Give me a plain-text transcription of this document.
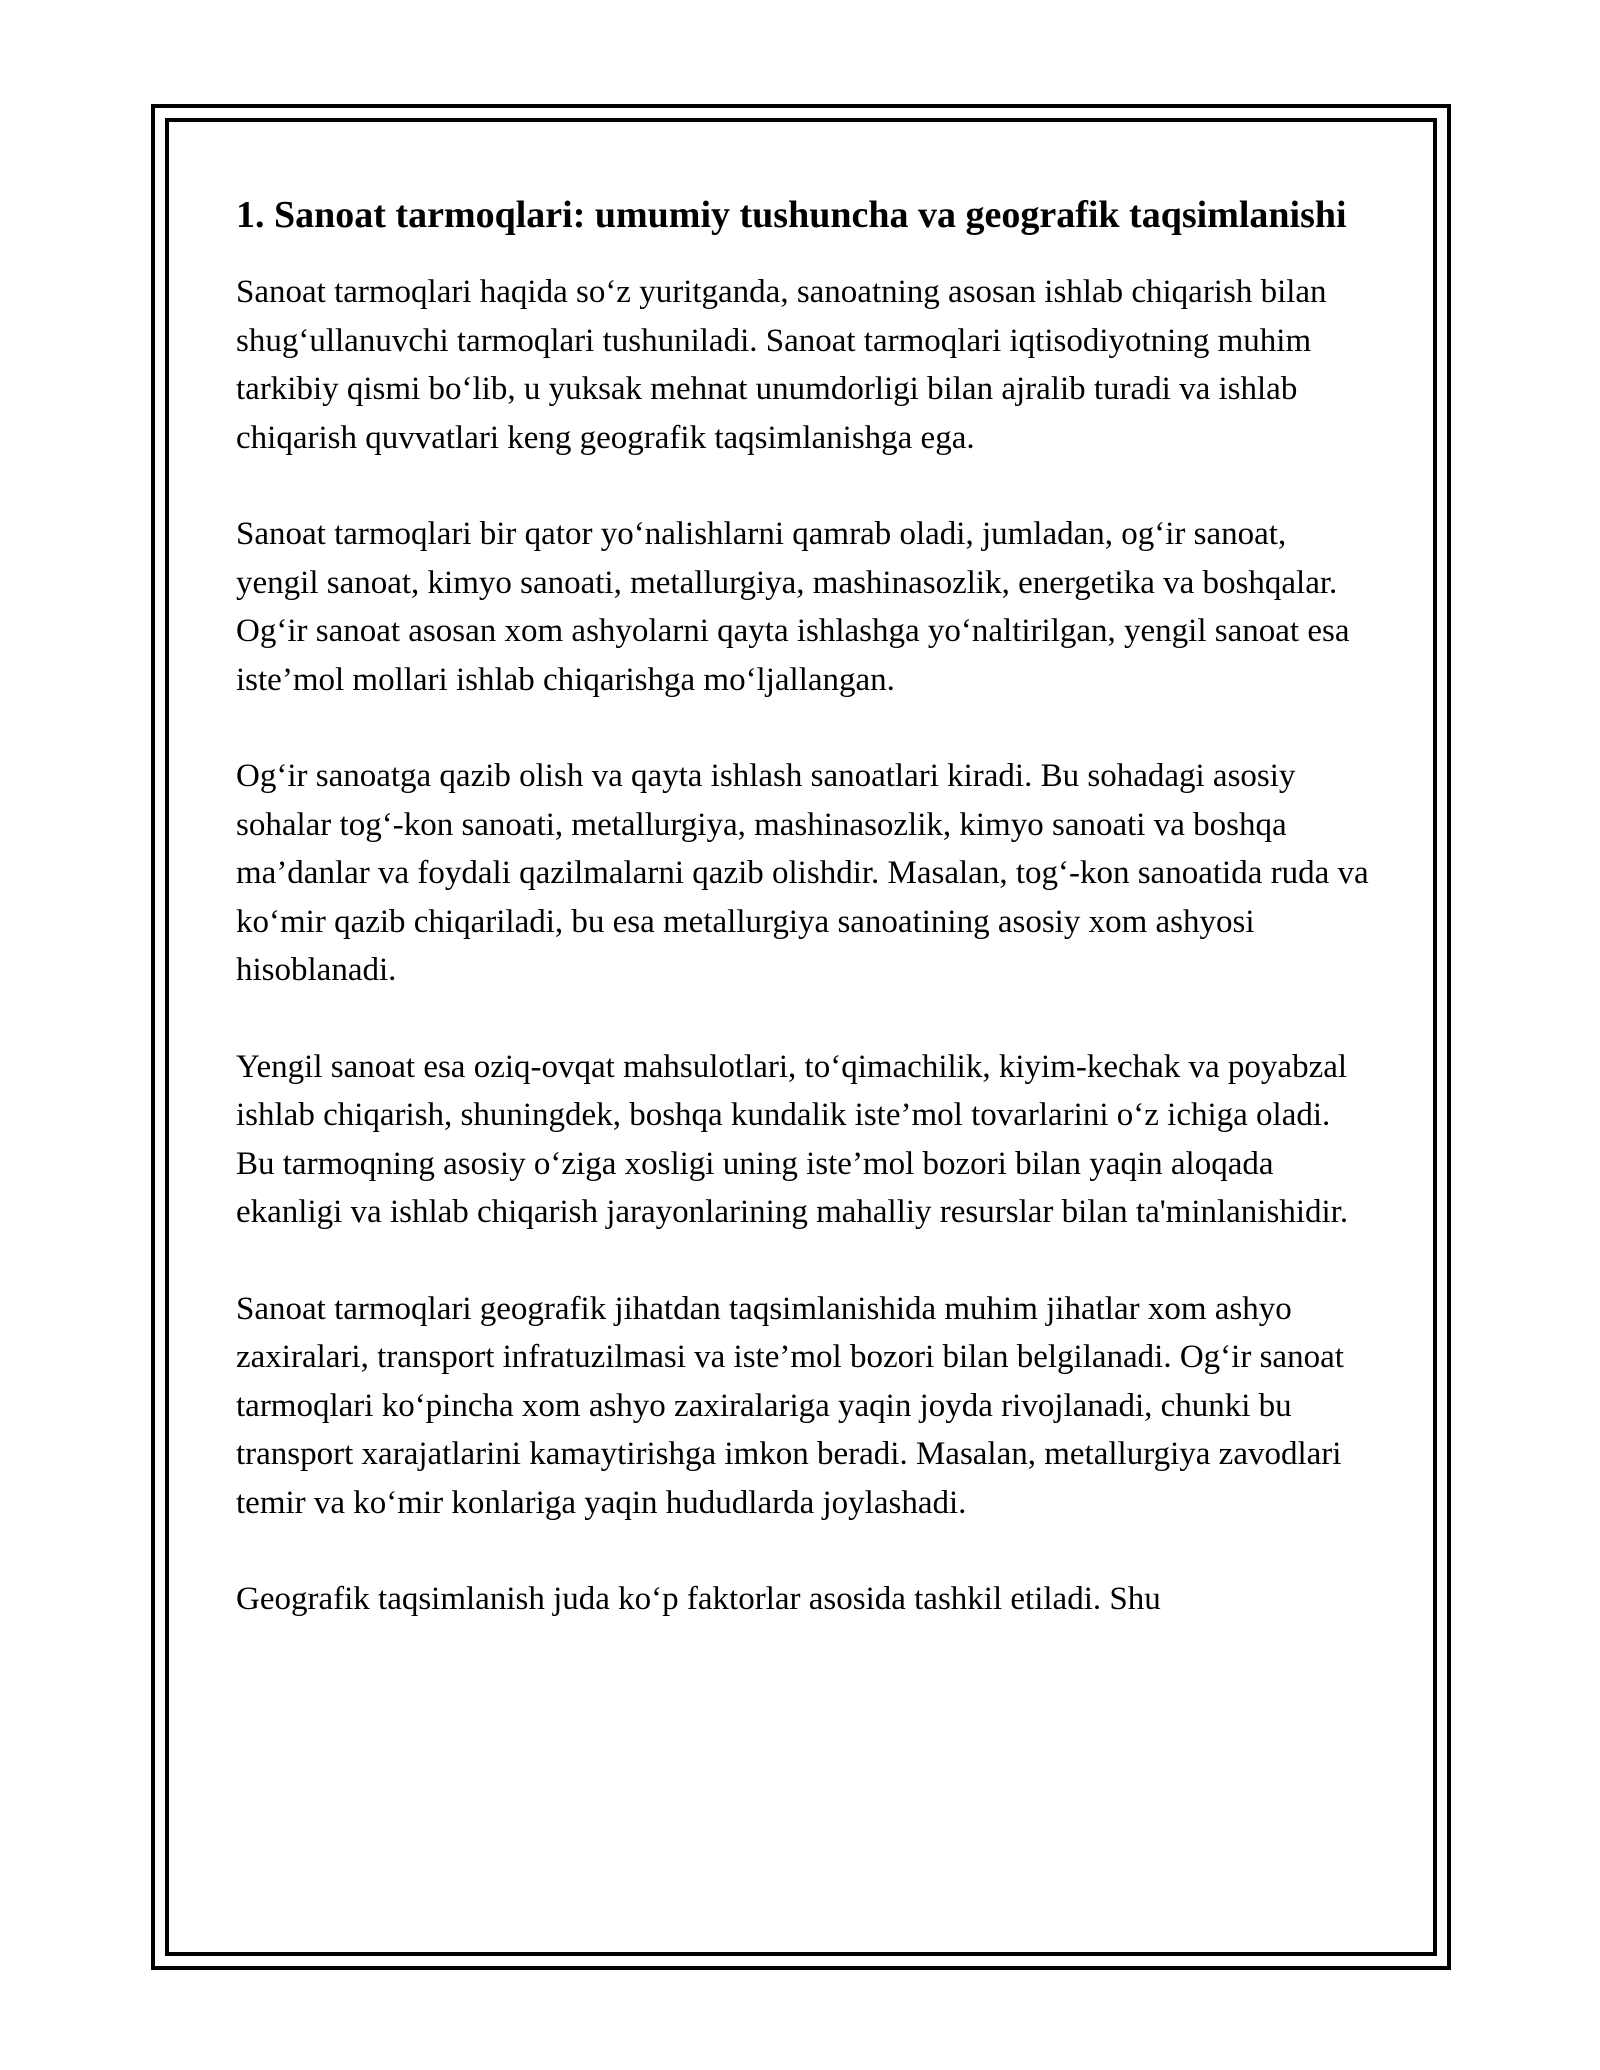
1. Sanoat tarmoqlari: umumiy tushuncha va geografik taqsimlanishi

Sanoat tarmoqlari haqida so‘z yuritganda, sanoatning asosan ishlab chiqarish bilan shug‘ullanuvchi tarmoqlari tushuniladi. Sanoat tarmoqlari iqtisodiyotning muhim tarkibiy qismi bo‘lib, u yuksak mehnat unumdorligi bilan ajralib turadi va ishlab chiqarish quvvatlari keng geografik taqsimlanishga ega.

Sanoat tarmoqlari bir qator yo‘nalishlarni qamrab oladi, jumladan, og‘ir sanoat, yengil sanoat, kimyo sanoati, metallurgiya, mashinasozlik, energetika va boshqalar. Og‘ir sanoat asosan xom ashyolarni qayta ishlashga yo‘naltirilgan, yengil sanoat esa iste’mol mollari ishlab chiqarishga mo‘ljallangan.

Og‘ir sanoatga qazib olish va qayta ishlash sanoatlari kiradi. Bu sohadagi asosiy sohalar tog‘-kon sanoati, metallurgiya, mashinasozlik, kimyo sanoati va boshqa ma’danlar va foydali qazilmalarni qazib olishdir. Masalan, tog‘-kon sanoatida ruda va ko‘mir qazib chiqariladi, bu esa metallurgiya sanoatining asosiy xom ashyosi hisoblanadi.

Yengil sanoat esa oziq-ovqat mahsulotlari, to‘qimachilik, kiyim-kechak va poyabzal ishlab chiqarish, shuningdek, boshqa kundalik iste’mol tovarlarini o‘z ichiga oladi. Bu tarmoqning asosiy o‘ziga xosligi uning iste’mol bozori bilan yaqin aloqada ekanligi va ishlab chiqarish jarayonlarining mahalliy resurslar bilan ta'minlanishidir.

Sanoat tarmoqlari geografik jihatdan taqsimlanishida muhim jihatlar xom ashyo zaxiralari, transport infratuzilmasi va iste’mol bozori bilan belgilanadi. Og‘ir sanoat tarmoqlari ko‘pincha xom ashyo zaxiralariga yaqin joyda rivojlanadi, chunki bu transport xarajatlarini kamaytirishga imkon beradi. Masalan, metallurgiya zavodlari temir va ko‘mir konlariga yaqin hududlarda joylashadi.

Geografik taqsimlanish juda ko‘p faktorlar asosida tashkil etiladi. Shu
